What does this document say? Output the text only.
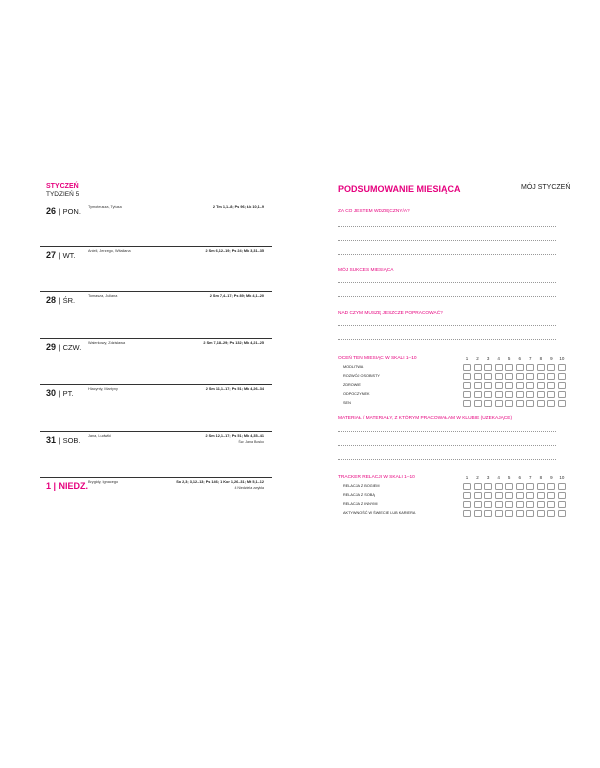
STYCZEŃ
TYDZIEŃ 5
26 | PON. Tymoteusza, Tytusa	2 Tm 1,1–8; Ps 96; Łk 10,1–9
27 | WT.	Anieli, Jerzego, Witaliana	2 Sm 6,12–19; Ps 24; Mk 3,31–35
28 | ŚR.	Tomasza, Juliana	2 Sm 7,4–17; Ps 89; Mk 4,1–20
29 | CZW. Walerkowy, Zdzisława	2 Sm 7,18–29; Ps 132; Mk 4,21–25
30 | PT.	Hiacynty, Martyny	2 Sm 11,1–17; Ps 51; Mk 4,26–34
31 | SOB. Jana, Ludwiki	2 Sm 12,1–17; Ps 51; Mk 4,35–41
Św. Jana Bosko
1 | NIEDZ. Brygidy, Ignacego	So 2,3; 3,12–13; Ps 146; 1 Kor 1,26–31; Mt 5,1–12
4 Niedziela zwykła
PODSUMOWANIE MIESIĄCA	MÓJ STYCZEŃ
ZA CO JESTEM WDZIĘCZNY/A?
MÓJ SUKCES MIESIĄCA
NAD CZYM MUSZĘ JESZCZE POPRACOWAĆ?
OCEŃ TEN MIESIĄC W SKALI 1–10	1	2	3	4	5	6	7	8	9	10
MODLITWA
ROZWÓJ OSOBISTY
ZDROWIE
ODPOCZYNEK
SEN
MATERIAŁ / MATERIAŁY, Z KTÓRYM PRACOWAŁAM W KLUBIE (UZEKAJĄCE)
TRACKER RELACJI W SKALI 1–10	1	2	3	4	5	6	7	8	9	10
RELACJA Z BOGIEM
RELACJA Z SOBĄ
RELACJA Z INNYMI
AKTYWNOŚĆ W ŚWIECIE LUB KARIERA
